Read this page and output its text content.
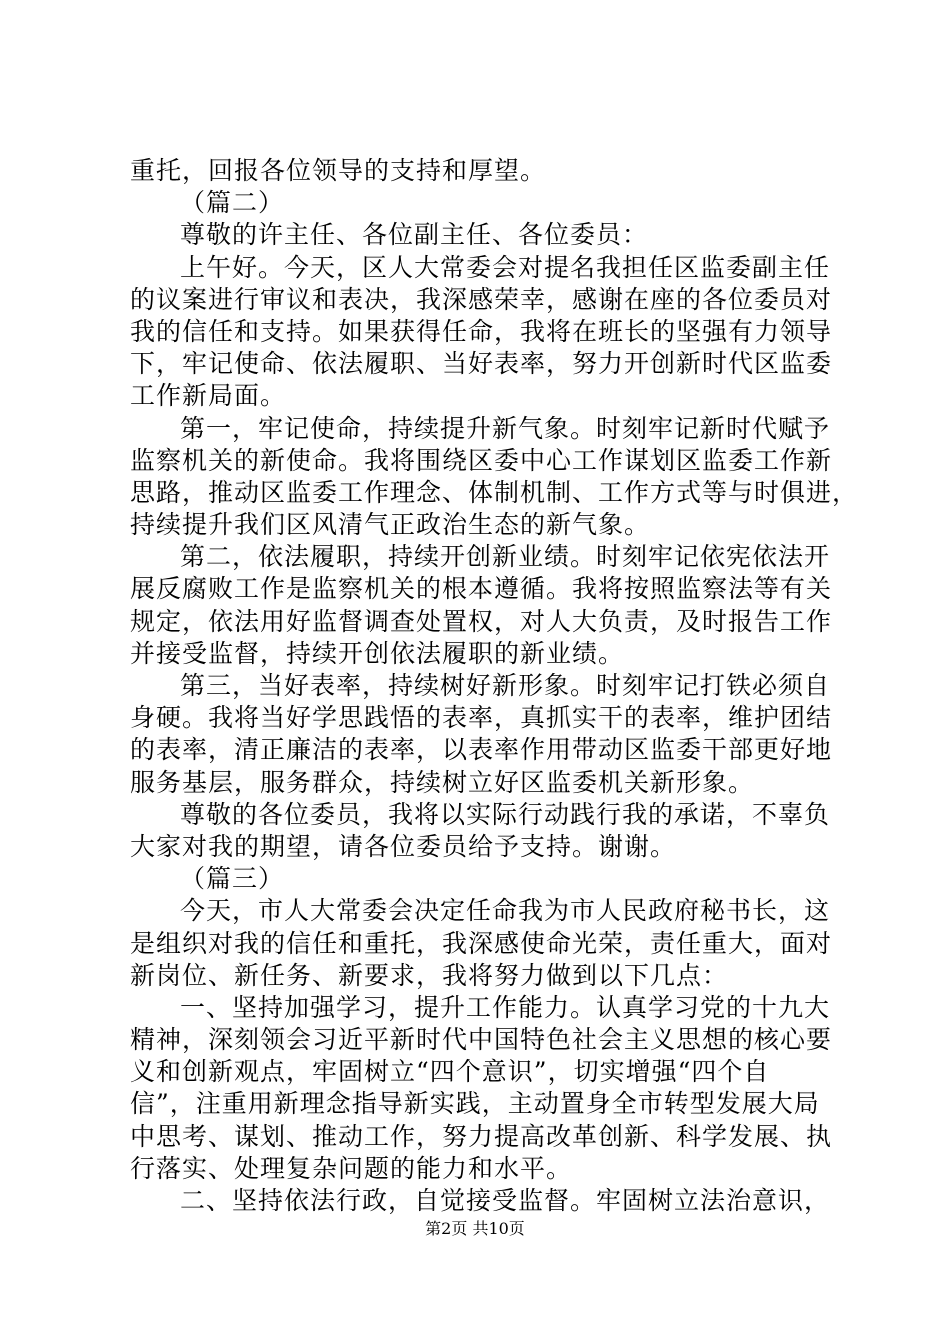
重托，回报各位领导的支持和厚望。
（篇二）
尊敬的许主任、各位副主任、各位委员：
上午好。今天，区人大常委会对提名我担任区监委副主任
的议案进行审议和表决，我深感荣幸，感谢在座的各位委员对
我的信任和支持。如果获得任命，我将在班长的坚强有力领导
下，牢记使命、依法履职、当好表率，努力开创新时代区监委
工作新局面。
第一，牢记使命，持续提升新气象。时刻牢记新时代赋予
监察机关的新使命。我将围绕区委中心工作谋划区监委工作新
思路，推动区监委工作理念、体制机制、工作方式等与时俱进，
持续提升我们区风清气正政治生态的新气象。
第二，依法履职，持续开创新业绩。时刻牢记依宪依法开
展反腐败工作是监察机关的根本遵循。我将按照监察法等有关
规定，依法用好监督调查处置权，对人大负责，及时报告工作
并接受监督，持续开创依法履职的新业绩。
第三，当好表率，持续树好新形象。时刻牢记打铁必须自
身硬。我将当好学思践悟的表率，真抓实干的表率，维护团结
的表率，清正廉洁的表率，以表率作用带动区监委干部更好地
服务基层，服务群众，持续树立好区监委机关新形象。
尊敬的各位委员，我将以实际行动践行我的承诺，不辜负
大家对我的期望，请各位委员给予支持。谢谢。
（篇三）
今天，市人大常委会决定任命我为市人民政府秘书长，这
是组织对我的信任和重托，我深感使命光荣，责任重大，面对
新岗位、新任务、新要求，我将努力做到以下几点：
一、坚持加强学习，提升工作能力。认真学习党的十九大
精神，深刻领会习近平新时代中国特色社会主义思想的核心要
义和创新观点，牢固树立“四个意识”，切实增强“四个自
信”，注重用新理念指导新实践，主动置身全市转型发展大局
中思考、谋划、推动工作，努力提高改革创新、科学发展、执
行落实、处理复杂问题的能力和水平。
二、坚持依法行政，自觉接受监督。牢固树立法治意识，
第2页 共10页
